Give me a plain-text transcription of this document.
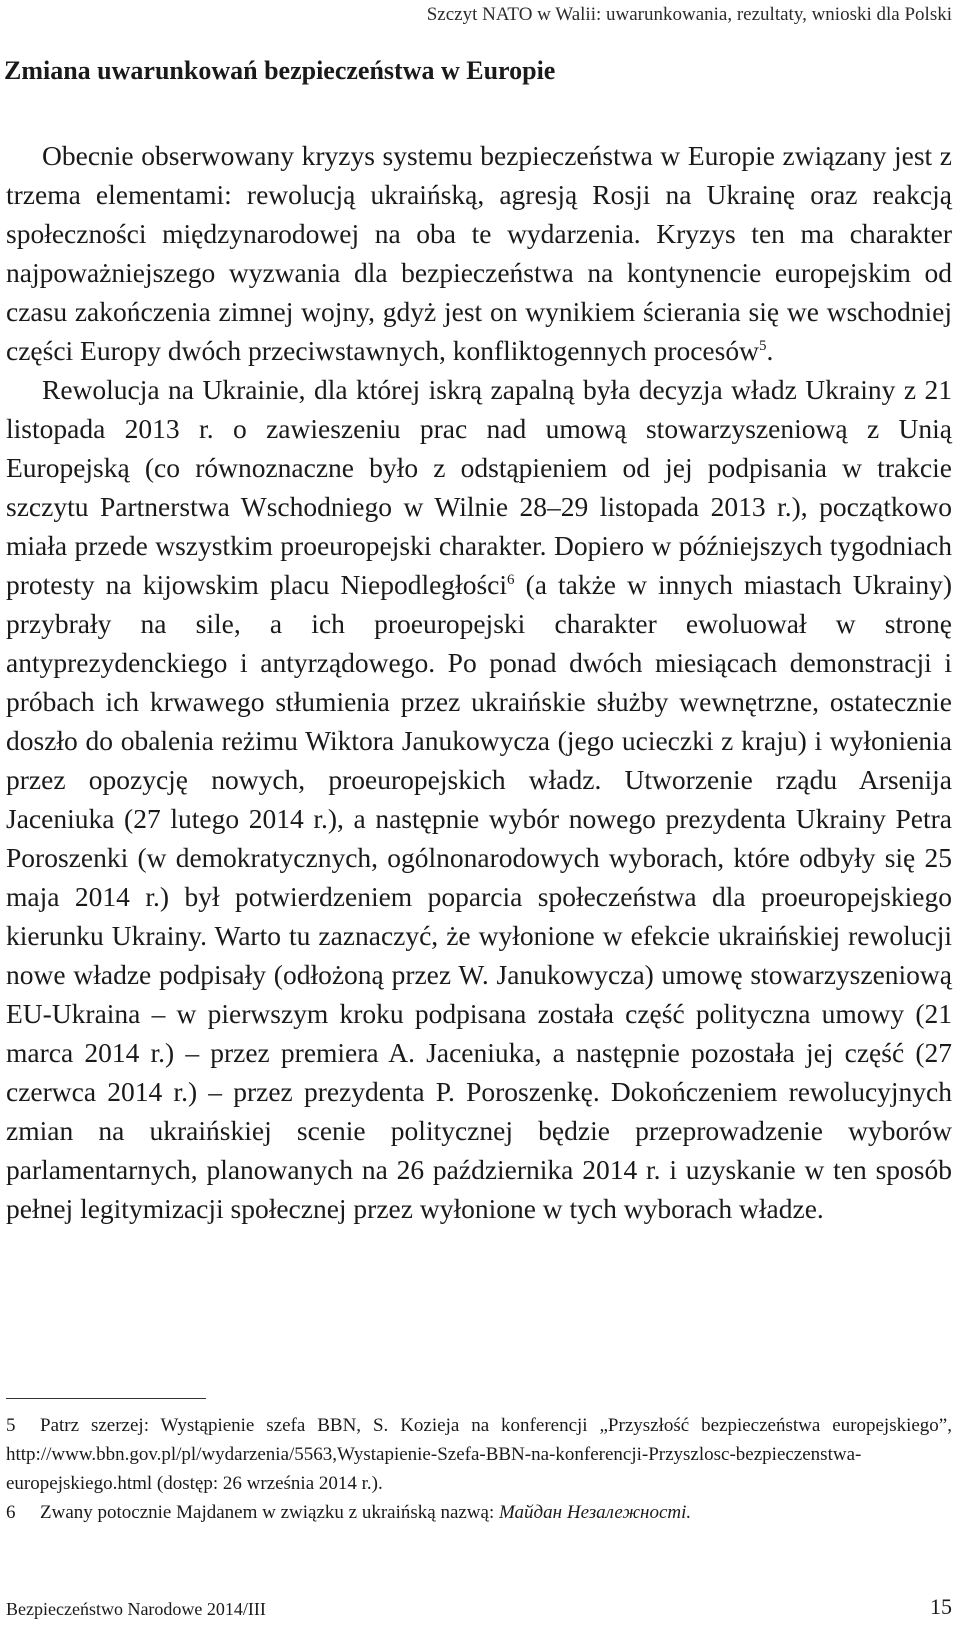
Szczyt NATO w Walii: uwarunkowania, rezultaty, wnioski dla Polski
Zmiana uwarunkowań bezpieczeństwa w Europie

Obecnie obserwowany kryzys systemu bezpieczeństwa w Europie związany jest z trzema elementami: rewolucją ukraińską, agresją Rosji na Ukrainę oraz reakcją społeczności międzynarodowej na oba te wydarzenia. Kryzys ten ma charakter najpoważniejszego wyzwania dla bezpieczeństwa na kontynencie europejskim od czasu zakończenia zimnej wojny, gdyż jest on wynikiem ścierania się we wschodniej części Europy dwóch przeciwstawnych, konfliktogennych procesów$^5$.

Rewolucja na Ukrainie, dla której iskrą zapalną była decyzja władz Ukrainy z 21 listopada 2013 r. o zawieszeniu prac nad umową stowarzyszeniową z Unią Europejską (co równoznaczne było z odstąpieniem od jej podpisania w trakcie szczytu Partnerstwa Wschodniego w Wilnie 28–29 listopada 2013 r.), początkowo miała przede wszystkim proeuropejski charakter. Dopiero w późniejszych tygodniach protesty na kijowskim placu Niepodległości$^6$ (a także w innych miastach Ukrainy) przybrały na sile, a ich proeuropejski charakter ewoluował w stronę antyprezydenckiego i antyrządowego. Po ponad dwóch miesiącach demonstracji i próbach ich krwawego stłumienia przez ukraińskie służby wewnętrzne, ostatecznie doszło do obalenia reżimu Wiktora Janukowycza (jego ucieczki z kraju) i wyłonienia przez opozycję nowych, proeuropejskich władz. Utworzenie rządu Arsenija Jaceniuka (27 lutego 2014 r.), a następnie wybór nowego prezydenta Ukrainy Petra Poroszenki (w demokratycznych, ogólnonarodowych wyborach, które odbyły się 25 maja 2014 r.) był potwierdzeniem poparcia społeczeństwa dla proeuropejskiego kierunku Ukrainy. Warto tu zaznaczyć, że wyłonione w efekcie ukraińskiej rewolucji nowe władze podpisały (odłożoną przez W. Janukowycza) umowę stowarzyszeniową EU-Ukraina – w pierwszym kroku podpisana została część polityczna umowy (21 marca 2014 r.) – przez premiera A. Jaceniuka, a następnie pozostała jej część (27 czerwca 2014 r.) – przez prezydenta P. Poroszenkę. Dokończeniem rewolucyjnych zmian na ukraińskiej scenie politycznej będzie przeprowadzenie wyborów parlamentarnych, planowanych na 26 października 2014 r. i uzyskanie w ten sposób pełnej legitymizacji społecznej przez wyłonione w tych wyborach władze.

5 Patrz szerzej: Wystąpienie szefa BBN, S. Kozieja na konferencji „Przyszłość bezpieczeństwa europejskiego”, http://www.bbn.gov.pl/pl/wydarzenia/5563,Wystapienie-Szefa-BBN-na-konferencji-Przyszlosc-bezpieczenstwa-europejskiego.html (dostęp: 26 września 2014 r.).

6 Zwany potocznie Majdanem w związku z ukraińską nazwą: Майдан Незалежності.

Bezpieczeństwo Narodowe 2014/III	15
